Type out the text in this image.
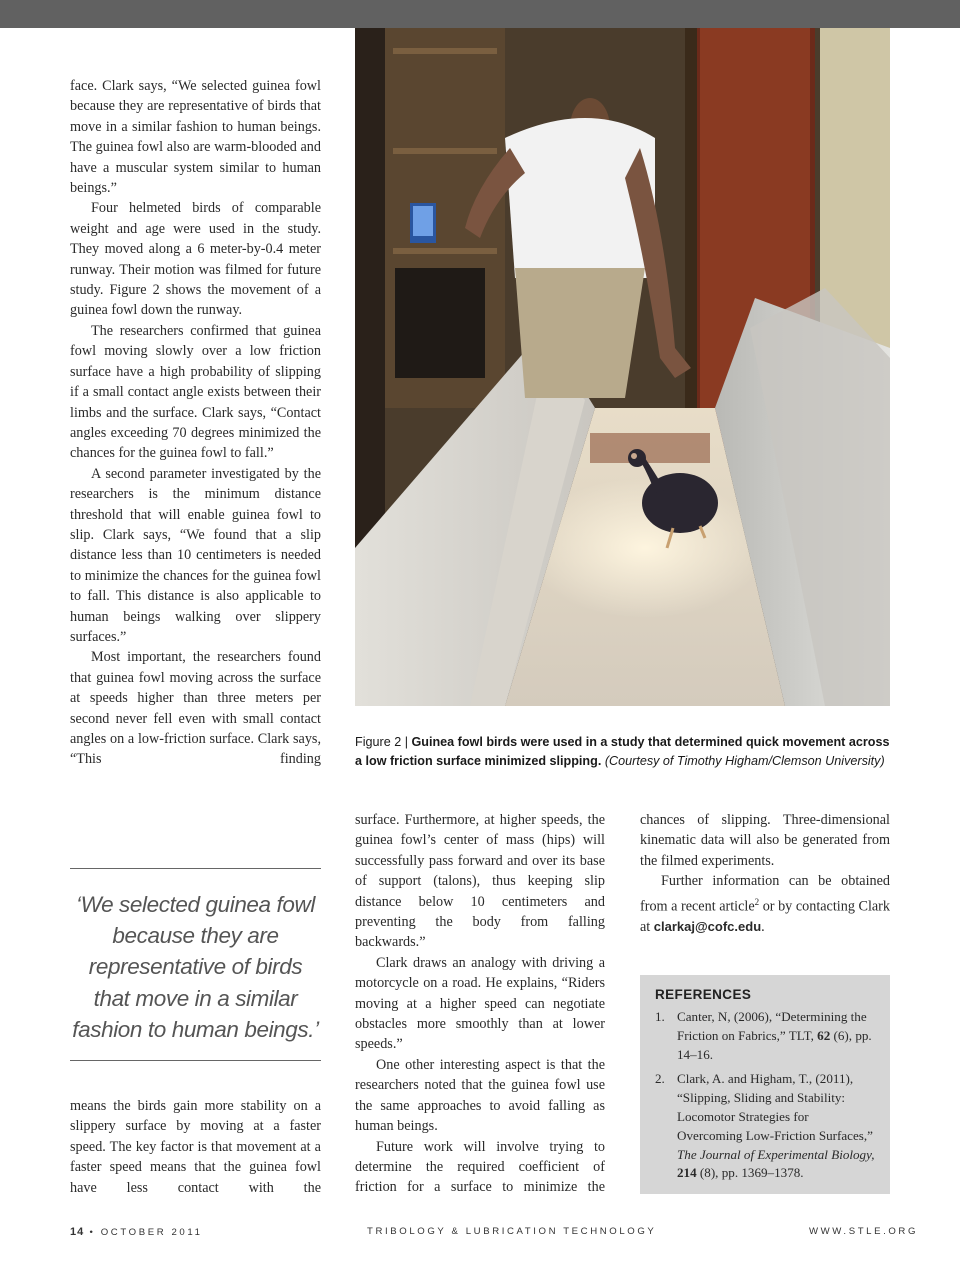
face. Clark says, “We selected guinea fowl because they are representative of birds that move in a similar fashion to human beings. The guinea fowl also are warm-blooded and have a muscular system similar to human beings.”

Four helmeted birds of comparable weight and age were used in the study. They moved along a 6 meter-by-0.4 meter runway. Their motion was filmed for future study. Figure 2 shows the movement of a guinea fowl down the runway.

The researchers confirmed that guinea fowl moving slowly over a low friction surface have a high probability of slipping if a small contact angle exists between their limbs and the surface. Clark says, “Contact angles exceeding 70 degrees minimized the chances for the guinea fowl to fall.”

A second parameter investigated by the researchers is the minimum distance threshold that will enable guinea fowl to slip. Clark says, “We found that a slip distance less than 10 centimeters is needed to minimize the chances for the guinea fowl to fall. This distance is also applicable to human beings walking over slippery surfaces.”

Most important, the researchers found that guinea fowl moving across the surface at speeds higher than three meters per second never fell even with small contact angles on a low-friction surface. Clark says, “This finding

‘We selected guinea fowl because they are representative of birds that move in a similar fashion to human beings.’

means the birds gain more stability on a slippery surface by moving at a faster speed. The key factor is that movement at a faster speed means that the guinea fowl have less contact with the

Figure 2 | Guinea fowl birds were used in a study that determined quick movement across a low friction surface minimized slipping. (Courtesy of Timothy Higham/Clemson University)

surface. Furthermore, at higher speeds, the guinea fowl’s center of mass (hips) will successfully pass forward and over its base of support (talons), thus keeping slip distance below 10 centimeters and preventing the body from falling backwards.”

Clark draws an analogy with driving a motorcycle on a road. He explains, “Riders moving at a higher speed can negotiate obstacles more smoothly than at lower speeds.”

One other interesting aspect is that the researchers noted that the guinea fowl use the same approaches to avoid falling as human beings.

Future work will involve trying to determine the required coefficient of friction for a surface to minimize the

chances of slipping. Three-dimensional kinematic data will also be generated from the filmed experiments.

Further information can be obtained from a recent article$^2$ or by contacting Clark at clarkaj@cofc.edu.

REFERENCES
1. Canter, N, (2006), “Determining the Friction on Fabrics,” TLT, 62 (6), pp. 14–16.
2. Clark, A. and Higham, T., (2011), “Slipping, Sliding and Stability: Locomotor Strategies for Overcoming Low-Friction Surfaces,” The Journal of Experimental Biology, 214 (8), pp. 1369–1378.
14 • OCTOBER 2011	TRIBOLOGY & LUBRICATION TECHNOLOGY	WWW.STLE.ORG
